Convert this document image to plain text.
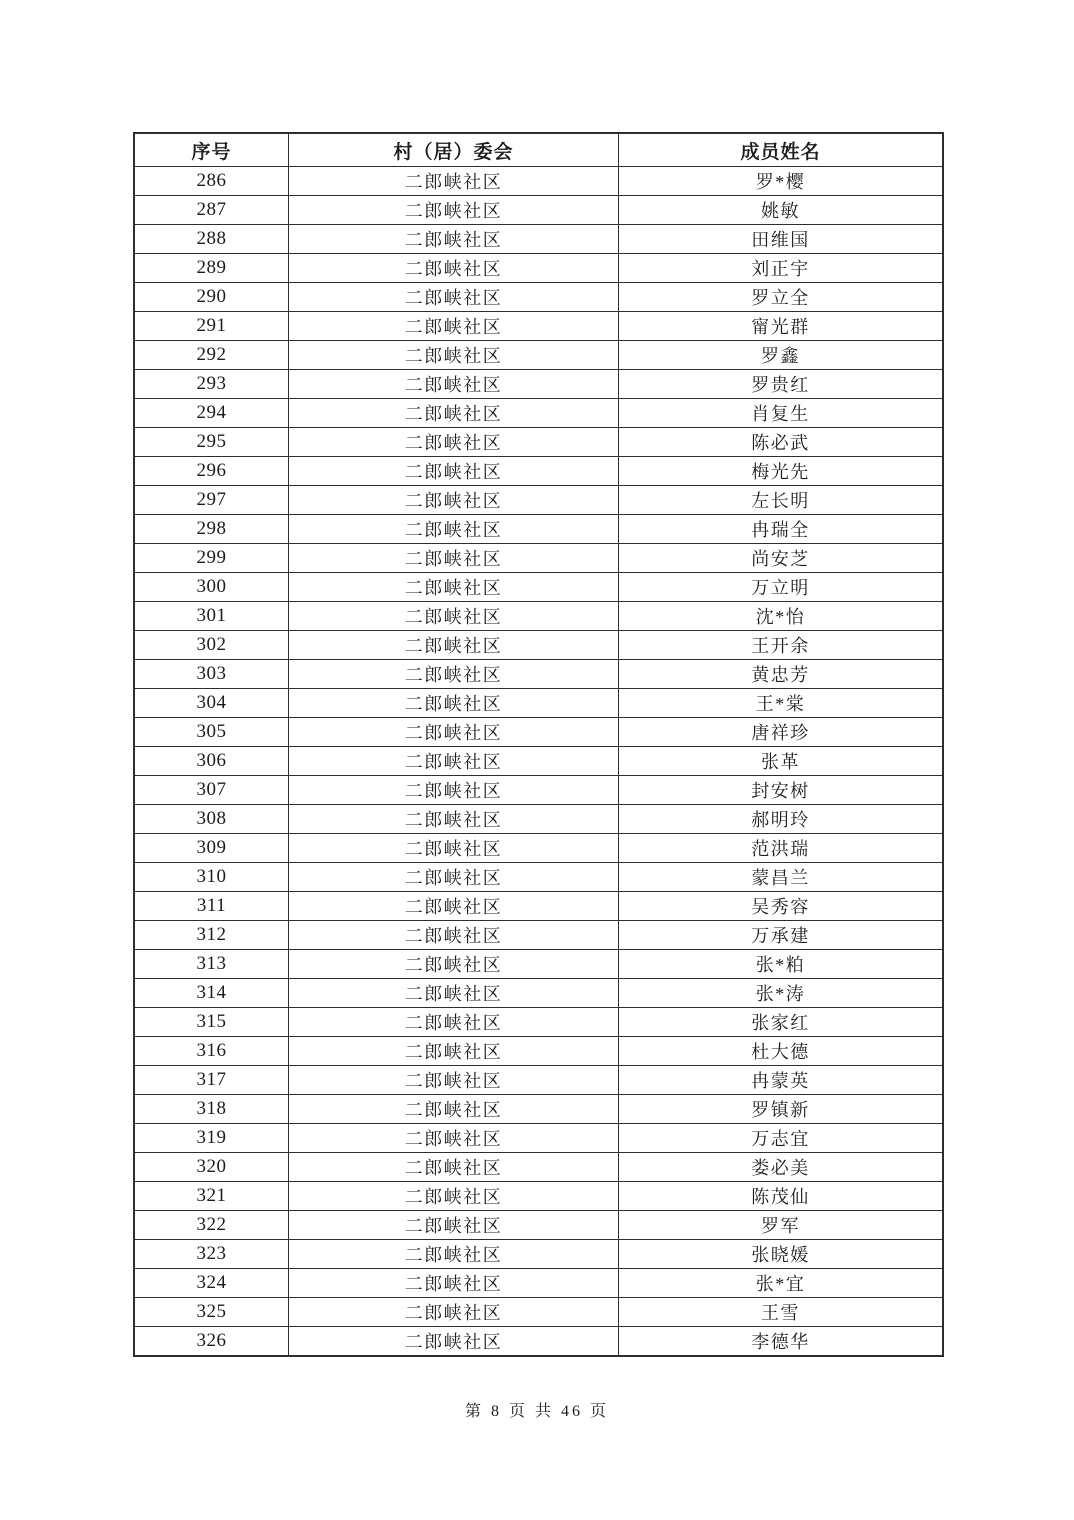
序号	村（居）委会	成员姓名
286	二郎峡社区	罗*樱
287	二郎峡社区	姚敏
288	二郎峡社区	田维国
289	二郎峡社区	刘正宇
290	二郎峡社区	罗立全
291	二郎峡社区	甯光群
292	二郎峡社区	罗鑫
293	二郎峡社区	罗贵红
294	二郎峡社区	肖复生
295	二郎峡社区	陈必武
296	二郎峡社区	梅光先
297	二郎峡社区	左长明
298	二郎峡社区	冉瑞全
299	二郎峡社区	尚安芝
300	二郎峡社区	万立明
301	二郎峡社区	沈*怡
302	二郎峡社区	王开余
303	二郎峡社区	黄忠芳
304	二郎峡社区	王*棠
305	二郎峡社区	唐祥珍
306	二郎峡社区	张革
307	二郎峡社区	封安树
308	二郎峡社区	郝明玲
309	二郎峡社区	范洪瑞
310	二郎峡社区	蒙昌兰
311	二郎峡社区	吴秀容
312	二郎峡社区	万承建
313	二郎峡社区	张*粕
314	二郎峡社区	张*涛
315	二郎峡社区	张家红
316	二郎峡社区	杜大德
317	二郎峡社区	冉蒙英
318	二郎峡社区	罗镇新
319	二郎峡社区	万志宜
320	二郎峡社区	娄必美
321	二郎峡社区	陈茂仙
322	二郎峡社区	罗军
323	二郎峡社区	张晓媛
324	二郎峡社区	张*宜
325	二郎峡社区	王雪
326	二郎峡社区	李德华
第 8 页 共 46 页
